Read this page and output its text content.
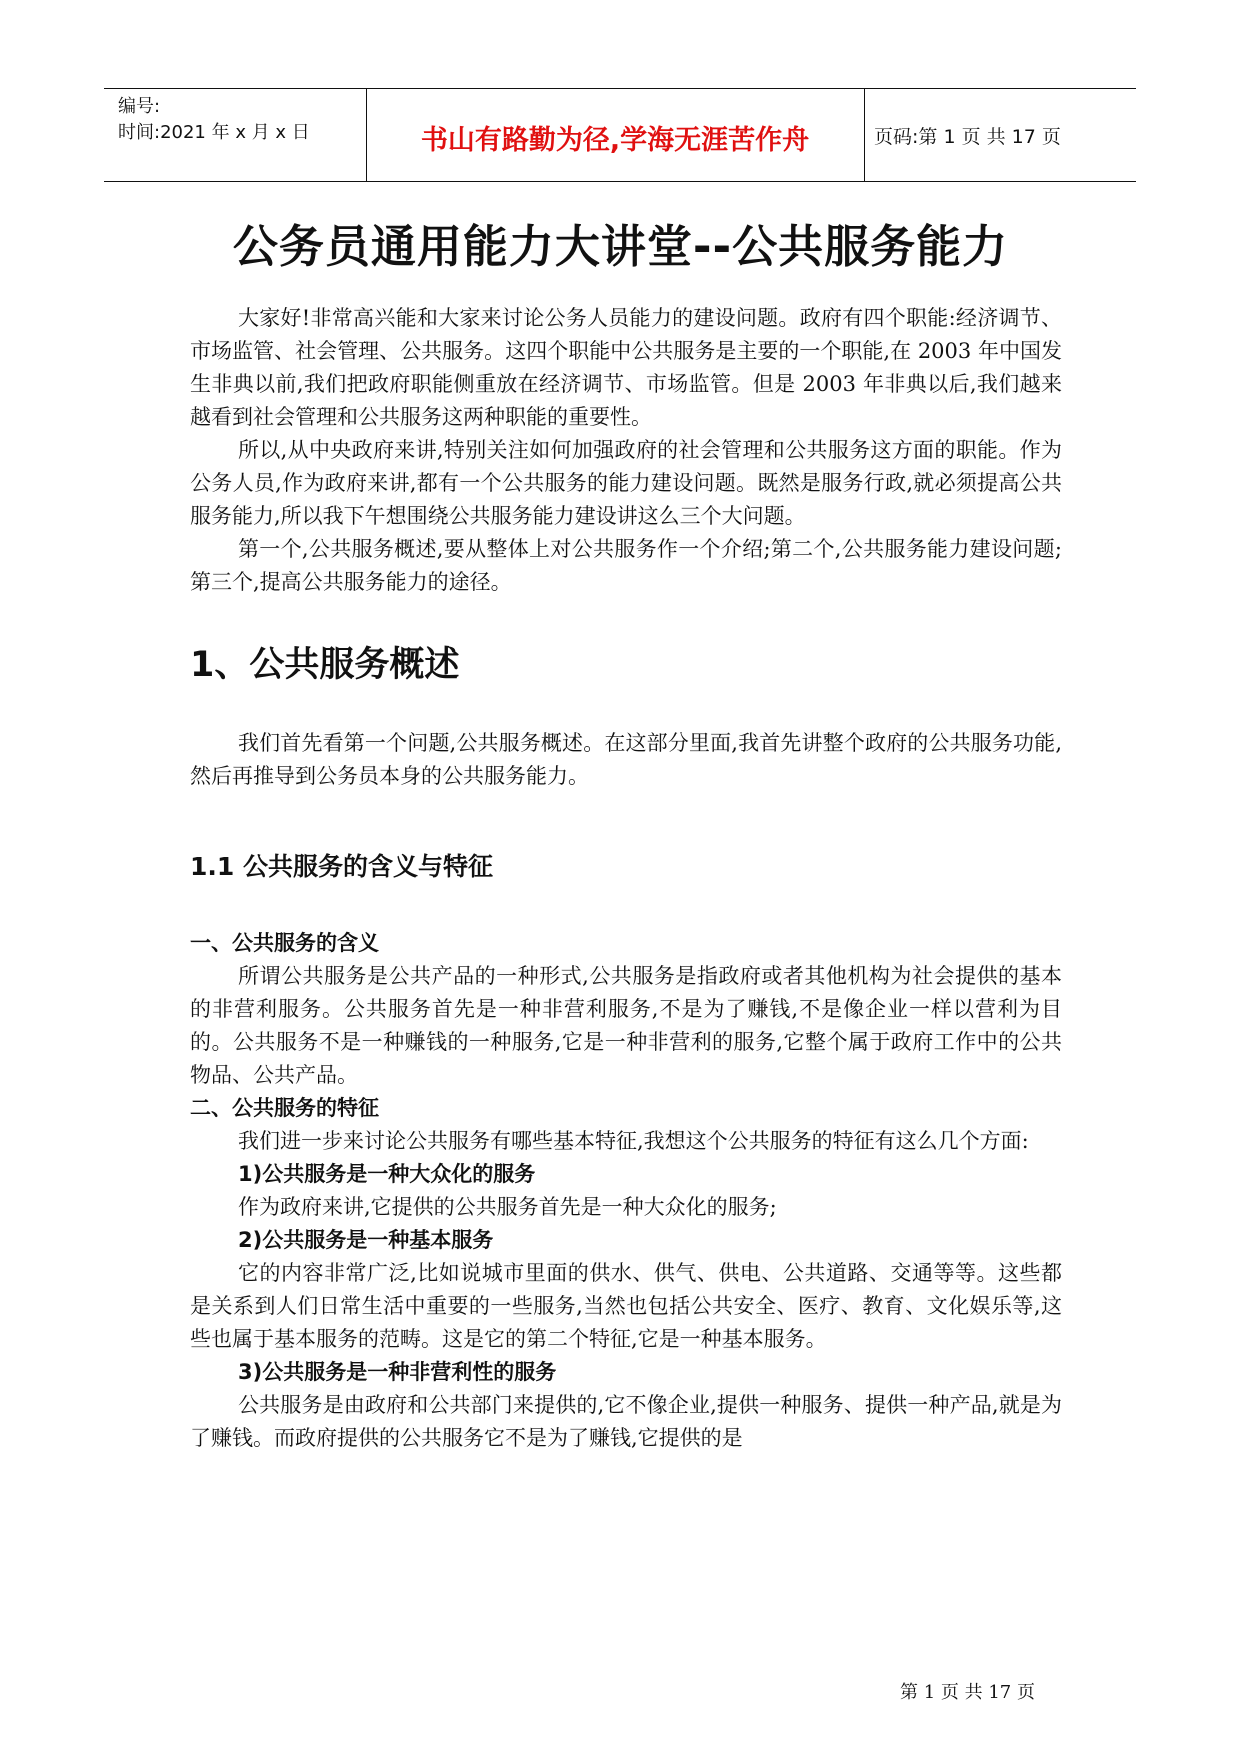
编号:
时间:2021 年 x 月 x 日	书山有路勤为径,学海无涯苦作舟	页码:第 1 页 共 17 页
公务员通用能力大讲堂--公共服务能力

大家好!非常高兴能和大家来讨论公务人员能力的建设问题。政府有四个职能:经济调节、市场监管、社会管理、公共服务。这四个职能中公共服务是主要的一个职能,在 2003 年中国发生非典以前,我们把政府职能侧重放在经济调节、市场监管。但是 2003 年非典以后,我们越来越看到社会管理和公共服务这两种职能的重要性。

所以,从中央政府来讲,特别关注如何加强政府的社会管理和公共服务这方面的职能。作为公务人员,作为政府来讲,都有一个公共服务的能力建设问题。既然是服务行政,就必须提高公共服务能力,所以我下午想围绕公共服务能力建设讲这么三个大问题。

第一个,公共服务概述,要从整体上对公共服务作一个介绍;第二个,公共服务能力建设问题;第三个,提高公共服务能力的途径。

1、公共服务概述

我们首先看第一个问题,公共服务概述。在这部分里面,我首先讲整个政府的公共服务功能,然后再推导到公务员本身的公共服务能力。

1.1 公共服务的含义与特征
一、公共服务的含义

所谓公共服务是公共产品的一种形式,公共服务是指政府或者其他机构为社会提供的基本的非营利服务。公共服务首先是一种非营利服务,不是为了赚钱,不是像企业一样以营利为目的。公共服务不是一种赚钱的一种服务,它是一种非营利的服务,它整个属于政府工作中的公共物品、公共产品。

二、公共服务的特征

我们进一步来讨论公共服务有哪些基本特征,我想这个公共服务的特征有这么几个方面:

1)公共服务是一种大众化的服务

作为政府来讲,它提供的公共服务首先是一种大众化的服务;

2)公共服务是一种基本服务

它的内容非常广泛,比如说城市里面的供水、供气、供电、公共道路、交通等等。这些都是关系到人们日常生活中重要的一些服务,当然也包括公共安全、医疗、教育、文化娱乐等,这些也属于基本服务的范畴。这是它的第二个特征,它是一种基本服务。

3)公共服务是一种非营利性的服务

公共服务是由政府和公共部门来提供的,它不像企业,提供一种服务、提供一种产品,就是为了赚钱。而政府提供的公共服务它不是为了赚钱,它提供的是

第 1 页 共 17 页
